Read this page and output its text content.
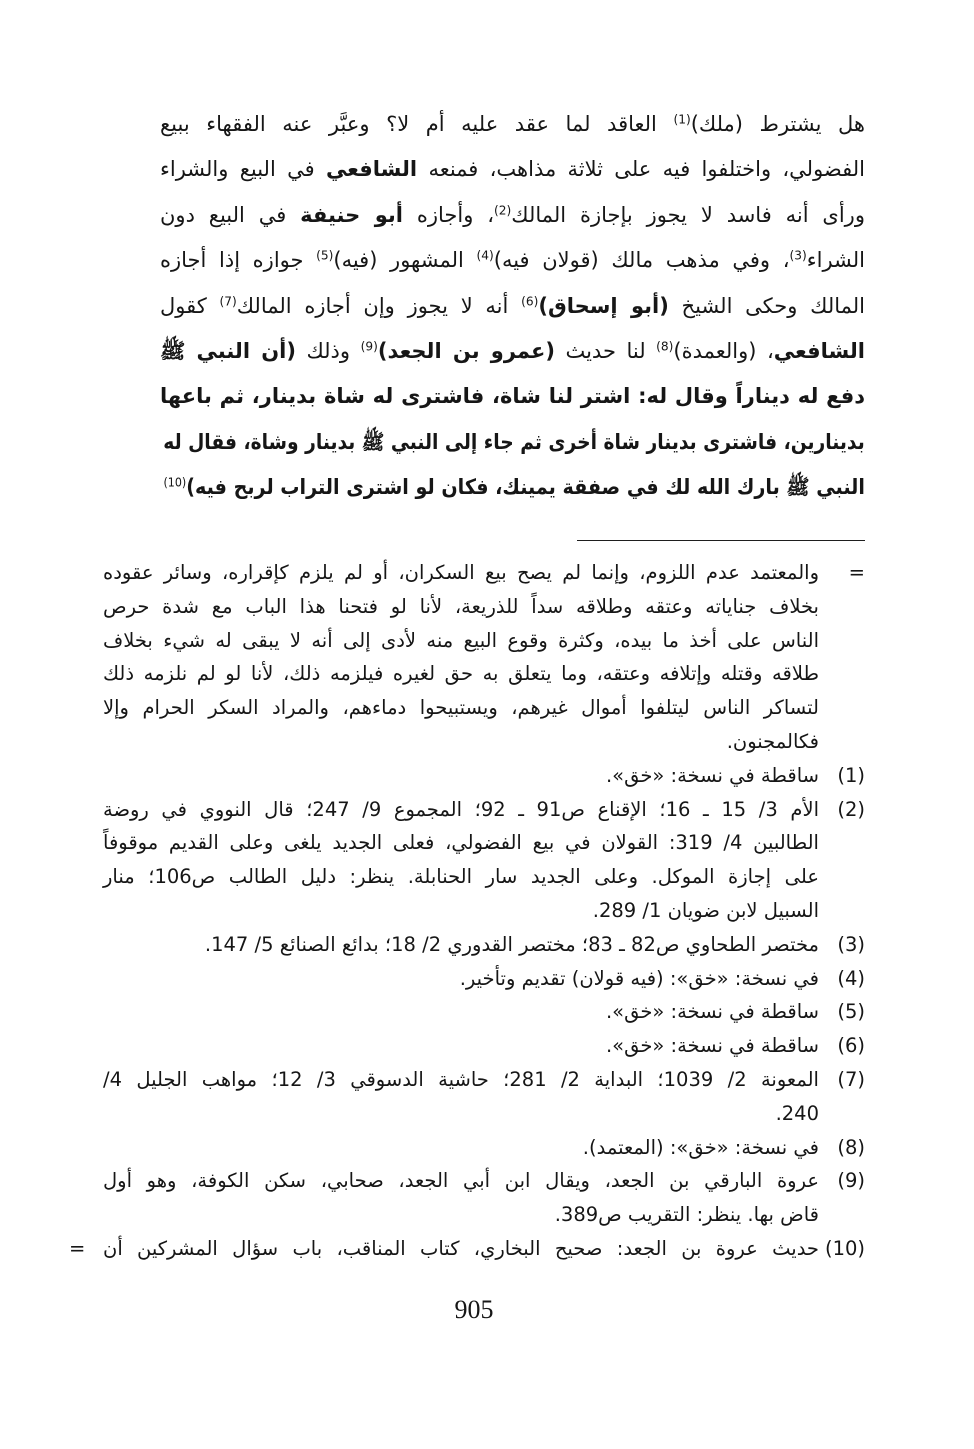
هل يشترط (ملك)$^{(1)}$ العاقد لما عقد عليه أم لا؟ وعبَّر عنه الفقهاء ببيع
الفضولي، واختلفوا فيه على ثلاثة مذاهب، فمنعه الشافعي في البيع والشراء
ورأى أنه فاسد لا يجوز بإجازة المالك$^{(2)}$، وأجازه أبو حنيفة في البيع دون
الشراء$^{(3)}$، وفي مذهب مالك (قولان فيه)$^{(4)}$ المشهور (فيه)$^{(5)}$ جوازه إذا أجازه
المالك وحكى الشيخ (أبو إسحاق)$^{(6)}$ أنه لا يجوز وإن أجازه المالك$^{(7)}$ كقول
الشافعي، (والعمدة)$^{(8)}$ لنا حديث (عمرو بن الجعد)$^{(9)}$ وذلك (أن النبي ﷺ
دفع له ديناراً وقال له: اشتر لنا شاة، فاشترى له شاة بدينار، ثم باعها
بدينارين، فاشترى بدينار شاة أخرى ثم جاء إلى النبي ﷺ بدينار وشاة، فقال له
النبي ﷺ بارك الله لك في صفقة يمينك، فكان لو اشترى التراب لربح فيه)$^{(10)}$
=
والمعتمد عدم اللزوم، وإنما لم يصح بيع السكران، أو لم يلزم كإقراره، وسائر عقوده
بخلاف جناياته وعتقه وطلاقه سداً للذريعة، لأنا لو فتحنا هذا الباب مع شدة حرص
الناس على أخذ ما بيده، وكثرة وقوع البيع منه لأدى إلى أنه لا يبقى له شيء بخلاف
طلاقه وقتله وإتلافه وعتقه، وما يتعلق به حق لغيره فيلزمه ذلك، لأنا لو لم نلزمه ذلك
لتساكر الناس ليتلفوا أموال غيرهم، ويستبيحوا دماءهم، والمراد السكر الحرام وإلا
فكالمجنون.
(1)
ساقطة في نسخة: «خق».
(2)
الأم 3/ 15 ـ 16؛ الإقناع ص91 ـ 92؛ المجموع 9/ 247؛ قال النووي في روضة
الطالبين 4/ 319: القولان في بيع الفضولي، فعلى الجديد يلغى وعلى القديم موقوفاً
على إجازة الموكل. وعلى الجديد سار الحنابلة. ينظر: دليل الطالب ص106؛ منار
السبيل لابن ضويان 1/ 289.
(3)
مختصر الطحاوي ص82 ـ 83؛ مختصر القدوري 2/ 18؛ بدائع الصنائع 5/ 147.
(4)
في نسخة: «خق»: (فيه قولان) تقديم وتأخير.
(5)
ساقطة في نسخة: «خق».
(6)
ساقطة في نسخة: «خق».
(7)
المعونة 2/ 1039؛ البداية 2/ 281؛ حاشية الدسوقي 3/ 12؛ مواهب الجليل 4/
240.
(8)
في نسخة: «خق»: (المعتمد).
(9)
عروة البارقي بن الجعد، ويقال ابن أبي الجعد، صحابي، سكن الكوفة، وهو أول
قاض بها. ينظر: التقريب ص389.
(10)
حديث عروة بن الجعد: صحيح البخاري، كتاب المناقب، باب سؤال المشركين أن
=
905
